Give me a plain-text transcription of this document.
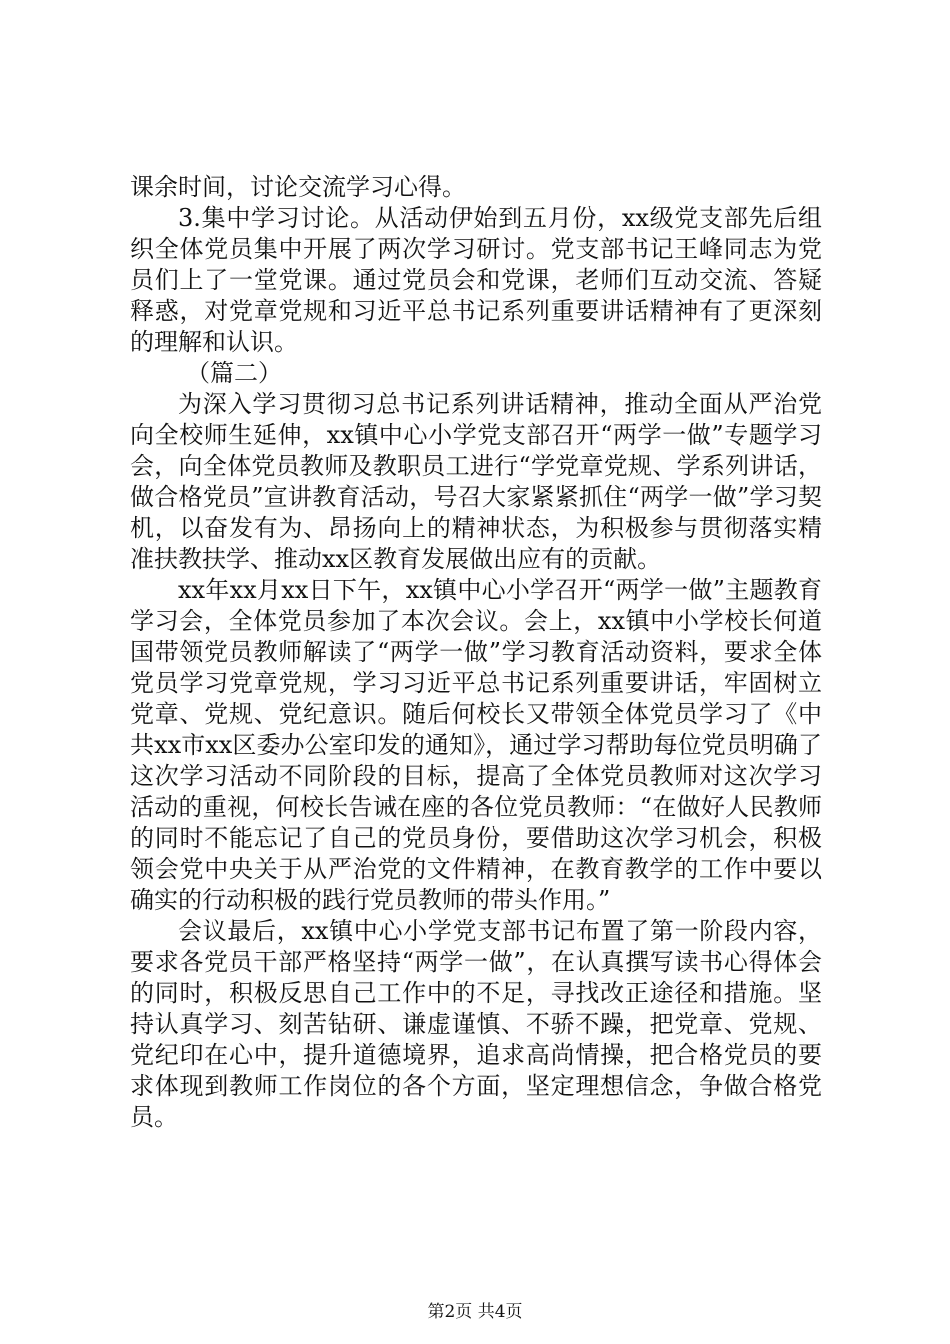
课余时间，讨论交流学习心得。

3.集中学习讨论。从活动伊始到五月份，xx级党支部先后组织全体党员集中开展了两次学习研讨。党支部书记王峰同志为党员们上了一堂党课。通过党员会和党课，老师们互动交流、答疑释惑，对党章党规和习近平总书记系列重要讲话精神有了更深刻的理解和认识。

（篇二）

为深入学习贯彻习总书记系列讲话精神，推动全面从严治党向全校师生延伸，xx镇中心小学党支部召开“两学一做”专题学习会，向全体党员教师及教职员工进行“学党章党规、学系列讲话，做合格党员”宣讲教育活动，号召大家紧紧抓住“两学一做”学习契机，以奋发有为、昂扬向上的精神状态，为积极参与贯彻落实精准扶教扶学、推动xx区教育发展做出应有的贡献。

xx年xx月xx日下午，xx镇中心小学召开“两学一做”主题教育学习会，全体党员参加了本次会议。会上，xx镇中小学校长何道国带领党员教师解读了“两学一做”学习教育活动资料，要求全体党员学习党章党规，学习习近平总书记系列重要讲话，牢固树立党章、党规、党纪意识。随后何校长又带领全体党员学习了《中共xx市xx区委办公室印发的通知》，通过学习帮助每位党员明确了这次学习活动不同阶段的目标，提高了全体党员教师对这次学习活动的重视，何校长告诫在座的各位党员教师：“在做好人民教师的同时不能忘记了自己的党员身份，要借助这次学习机会，积极领会党中央关于从严治党的文件精神，在教育教学的工作中要以确实的行动积极的践行党员教师的带头作用。”

会议最后，xx镇中心小学党支部书记布置了第一阶段内容，要求各党员干部严格坚持“两学一做”，在认真撰写读书心得体会的同时，积极反思自己工作中的不足，寻找改正途径和措施。坚持认真学习、刻苦钻研、谦虚谨慎、不骄不躁，把党章、党规、党纪印在心中，提升道德境界，追求高尚情操，把合格党员的要求体现到教师工作岗位的各个方面，坚定理想信念，争做合格党员。

第2页 共4页
